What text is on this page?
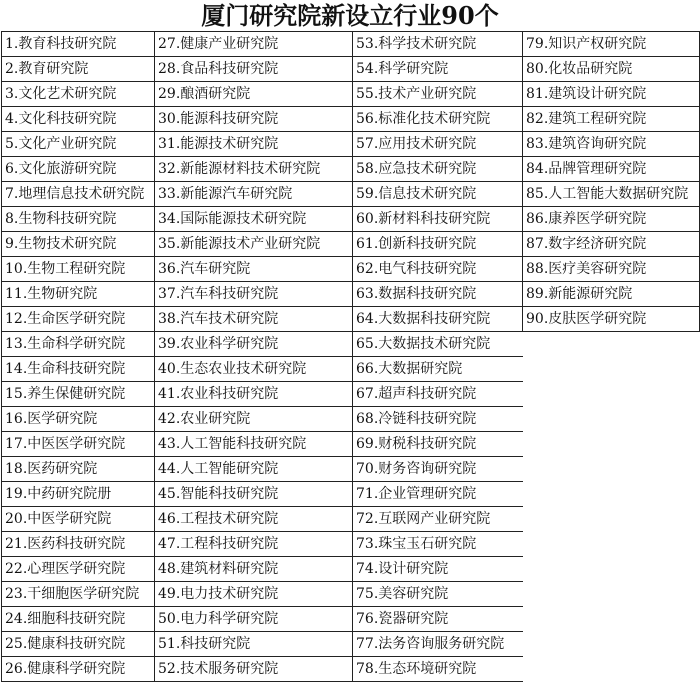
厦门研究院新设立行业90个
1.教育科技研究院	27.健康产业研究院	53.科学技术研究院	79.知识产权研究院
2.教育研究院	28.食品科技研究院	54.科学研究院	80.化妆品研究院
3.文化艺术研究院	29.酿酒研究院	55.技术产业研究院	81.建筑设计研究院
4.文化科技研究院	30.能源科技研究院	56.标准化技术研究院	82.建筑工程研究院
5.文化产业研究院	31.能源技术研究院	57.应用技术研究院	83.建筑咨询研究院
6.文化旅游研究院	32.新能源材料技术研究院	58.应急技术研究院	84.品牌管理研究院
7.地理信息技术研究院	33.新能源汽车研究院	59.信息技术研究院	85.人工智能大数据研究院
8.生物科技研究院	34.国际能源技术研究院	60.新材料科技研究院	86.康养医学研究院
9.生物技术研究院	35.新能源技术产业研究院	61.创新科技研究院	87.数字经济研究院
10.生物工程研究院	36.汽车研究院	62.电气科技研究院	88.医疗美容研究院
11.生物研究院	37.汽车科技研究院	63.数据科技研究院	89.新能源研究院
12.生命医学研究院	38.汽车技术研究院	64.大数据科技研究院	90.皮肤医学研究院
13.生命科学研究院	39.农业科学研究院	65.大数据技术研究院	
14.生命科技研究院	40.生态农业技术研究院	66.大数据研究院	
15.养生保健研究院	41.农业科技研究院	67.超声科技研究院	
16.医学研究院	42.农业研究院	68.冷链科技研究院	
17.中医医学研究院	43.人工智能科技研究院	69.财税科技研究院	
18.医药研究院	44.人工智能研究院	70.财务咨询研究院	
19.中药研究院册	45.智能科技研究院	71.企业管理研究院	
20.中医学研究院	46.工程技术研究院	72.互联网产业研究院	
21.医药科技研究院	47.工程科技研究院	73.珠宝玉石研究院	
22.心理医学研究院	48.建筑材料研究院	74.设计研究院	
23.干细胞医学研究院	49.电力技术研究院	75.美容研究院	
24.细胞科技研究院	50.电力科学研究院	76.瓷器研究院	
25.健康科技研究院	51.科技研究院	77.法务咨询服务研究院	
26.健康科学研究院	52.技术服务研究院	78.生态环境研究院	
